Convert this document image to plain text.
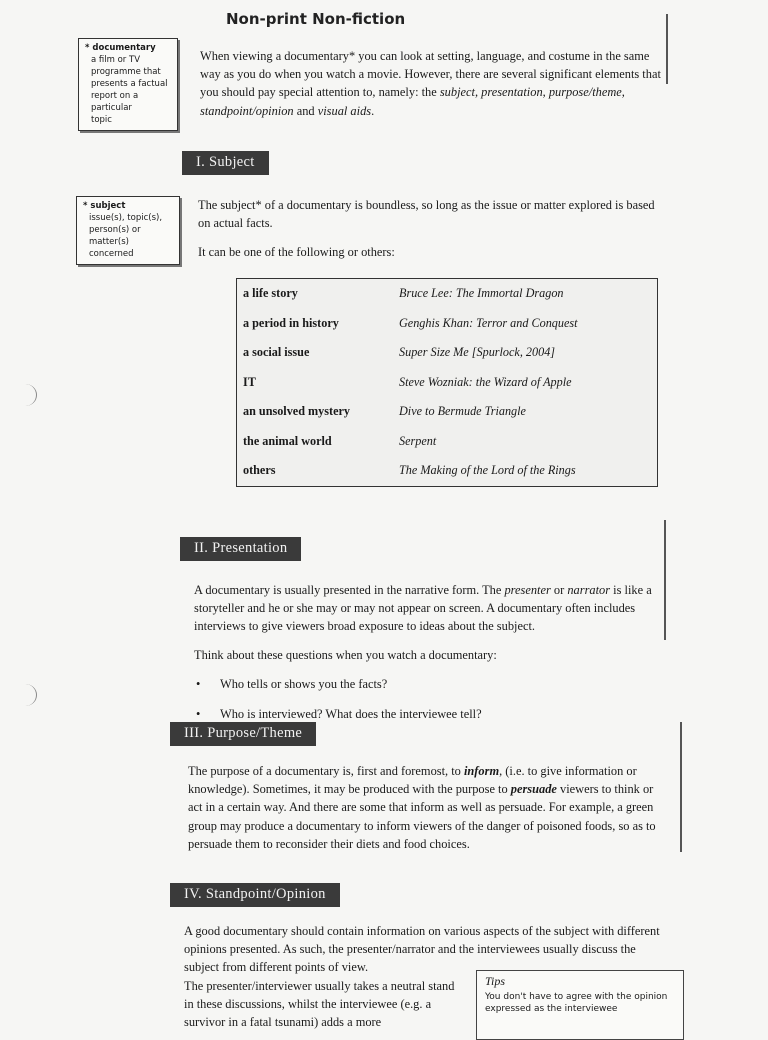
Non-print Non-fiction
* documentary
a film or TV
programme that
presents a factual
report on a particular
topic
When viewing a documentary* you can look at setting, language, and costume in the same way as you do when you watch a movie. However, there are several significant elements that you should pay special attention to, namely: the subject, presentation, purpose/theme, standpoint/opinion and visual aids.
I. Subject
* subject
issue(s), topic(s),
person(s) or
matter(s) concerned
The subject* of a documentary is boundless, so long as the issue or matter explored is based on actual facts.
It can be one of the following or others:
a life story	Bruce Lee: The Immortal Dragon
a period in history	Genghis Khan: Terror and Conquest
a social issue	Super Size Me [Spurlock, 2004]
IT	Steve Wozniak: the Wizard of Apple
an unsolved mystery	Dive to Bermude Triangle
the animal world	Serpent
others	The Making of the Lord of the Rings
II. Presentation
A documentary is usually presented in the narrative form. The presenter or narrator is like a storyteller and he or she may or may not appear on screen. A documentary often includes interviews to give viewers broad exposure to ideas about the subject.
Think about these questions when you watch a documentary:
• Who tells or shows you the facts?
• Who is interviewed? What does the interviewee tell?
III. Purpose/Theme
The purpose of a documentary is, first and foremost, to inform, (i.e. to give information or knowledge). Sometimes, it may be produced with the purpose to persuade viewers to think or act in a certain way. And there are some that inform as well as persuade. For example, a green group may produce a documentary to inform viewers of the danger of poisoned foods, so as to persuade them to reconsider their diets and food choices.
IV. Standpoint/Opinion
A good documentary should contain information on various aspects of the subject with different opinions presented. As such, the presenter/narrator and the interviewees usually discuss the subject from different points of view.
The presenter/interviewer usually takes a neutral stand in these discussions, whilst the interviewee (e.g. a survivor in a fatal tsunami) adds a more
Tips
You don't have to agree with the opinion expressed as the interviewee
